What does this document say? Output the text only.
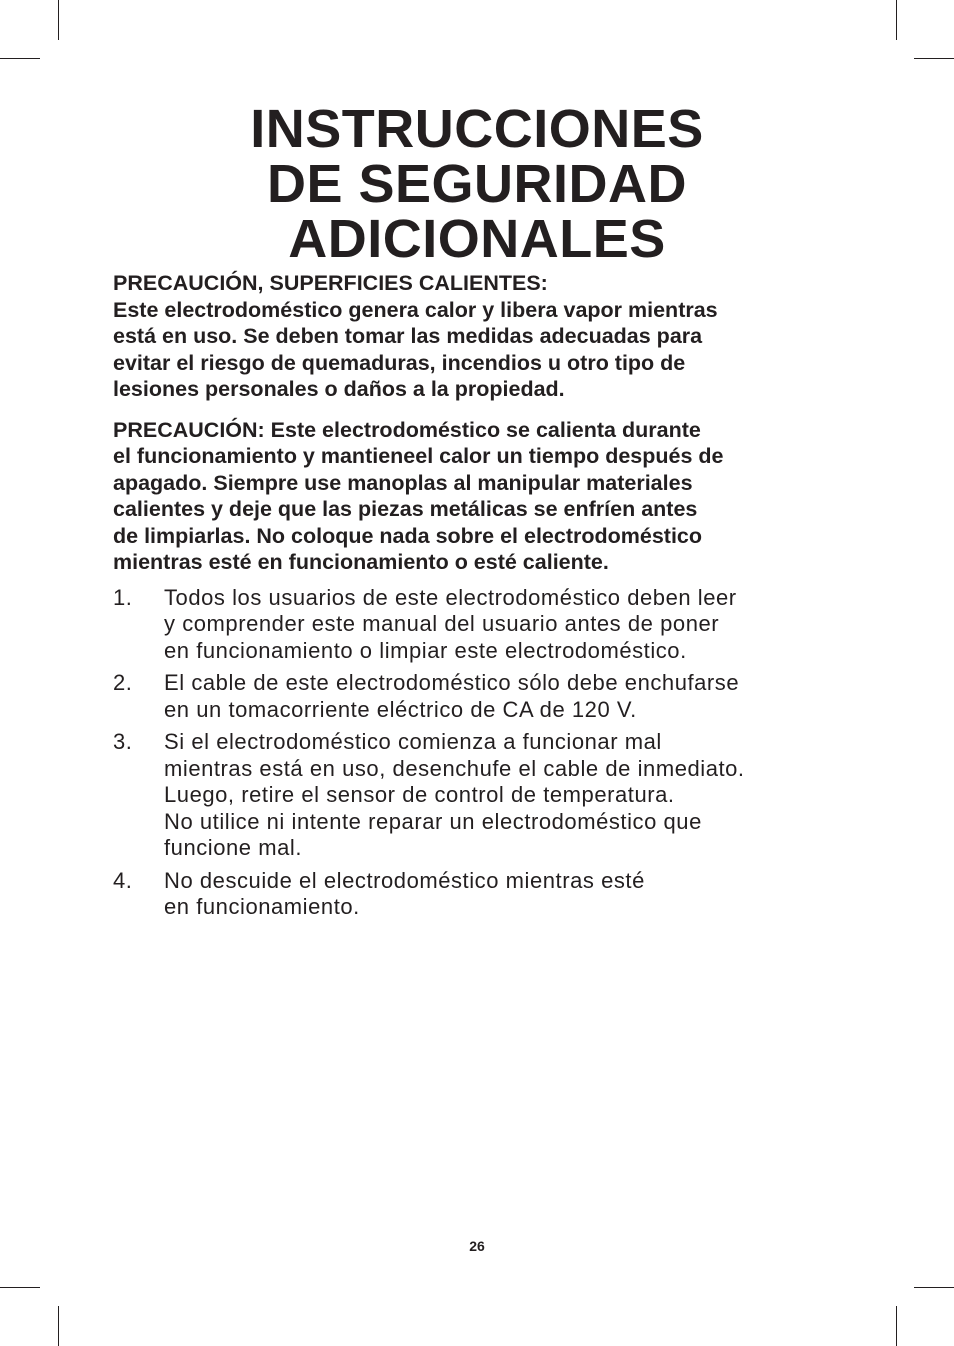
INSTRUCCIONES
DE SEGURIDAD
ADICIONALES

PRECAUCIÓN, SUPERFICIES CALIENTES:
Este electrodoméstico genera calor y libera vapor mientras
está en uso. Se deben tomar las medidas adecuadas para
evitar el riesgo de quemaduras, incendios u otro tipo de
lesiones personales o daños a la propiedad.

PRECAUCIÓN: Este electrodoméstico se calienta durante
el funcionamiento y mantieneel calor un tiempo después de
apagado. Siempre use manoplas al manipular materiales
calientes y deje que las piezas metálicas se enfríen antes
de limpiarlas. No coloque nada sobre el electrodoméstico
mientras esté en funcionamiento o esté caliente.

1. Todos los usuarios de este electrodoméstico deben leer
y comprender este manual del usuario antes de poner
en funcionamiento o limpiar este electrodoméstico.
2. El cable de este electrodoméstico sólo debe enchufarse
en un tomacorriente eléctrico de CA de 120 V.
3. Si el electrodoméstico comienza a funcionar mal
mientras está en uso, desenchufe el cable de inmediato.
Luego, retire el sensor de control de temperatura.
No utilice ni intente reparar un electrodoméstico que
funcione mal.
4. No descuide el electrodoméstico mientras esté
en funcionamiento.
26
